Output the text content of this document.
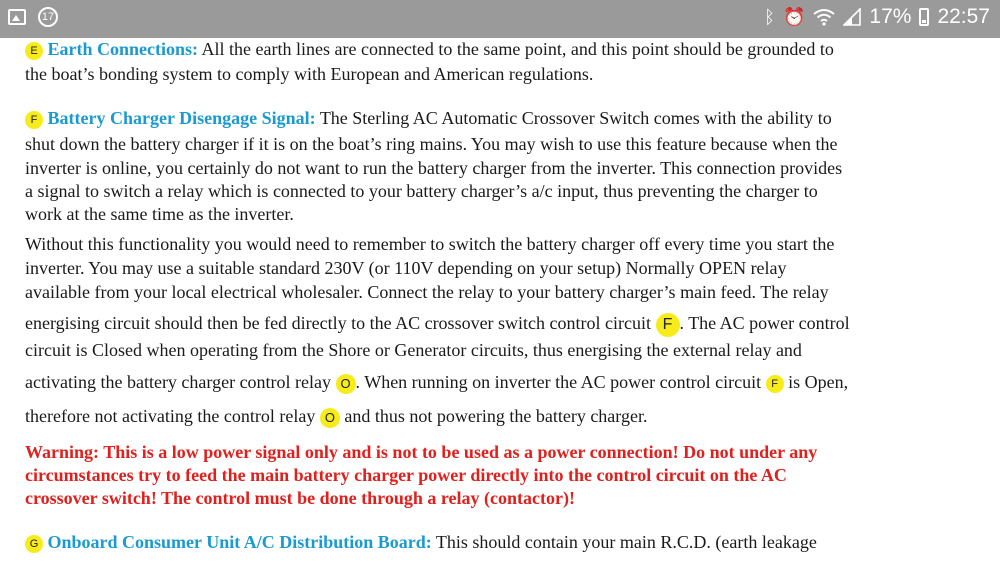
E Earth Connections: All the earth lines are connected to the same point, and this point should be grounded to
the boat’s bonding system to comply with European and American regulations.
F Battery Charger Disengage Signal: The Sterling AC Automatic Crossover Switch comes with the ability to
shut down the battery charger if it is on the boat’s ring mains. You may wish to use this feature because when the
inverter is online, you certainly do not want to run the battery charger from the inverter. This connection provides
a signal to switch a relay which is connected to your battery charger’s a/c input, thus preventing the charger to
work at the same time as the inverter.
Without this functionality you would need to remember to switch the battery charger off every time you start the
inverter. You may use a suitable standard 230V (or 110V depending on your setup) Normally OPEN relay
available from your local electrical wholesaler. Connect the relay to your battery charger’s main feed. The relay
energising circuit should then be fed directly to the AC crossover switch control circuit F . The AC power control
circuit is Closed when operating from the Shore or Generator circuits, thus energising the external relay and
activating the battery charger control relay O . When running on inverter the AC power control circuit F is Open,
therefore not activating the control relay O and thus not powering the battery charger.
Warning: This is a low power signal only and is not to be used as a power connection! Do not under any
circumstances try to feed the main battery charger power directly into the control circuit on the AC
crossover switch! The control must be done through a relay (contactor)!
G Onboard Consumer Unit A/C Distribution Board: This should contain your main R.C.D. (earth leakage
17	ᛒ ⏰	17% 22:57
